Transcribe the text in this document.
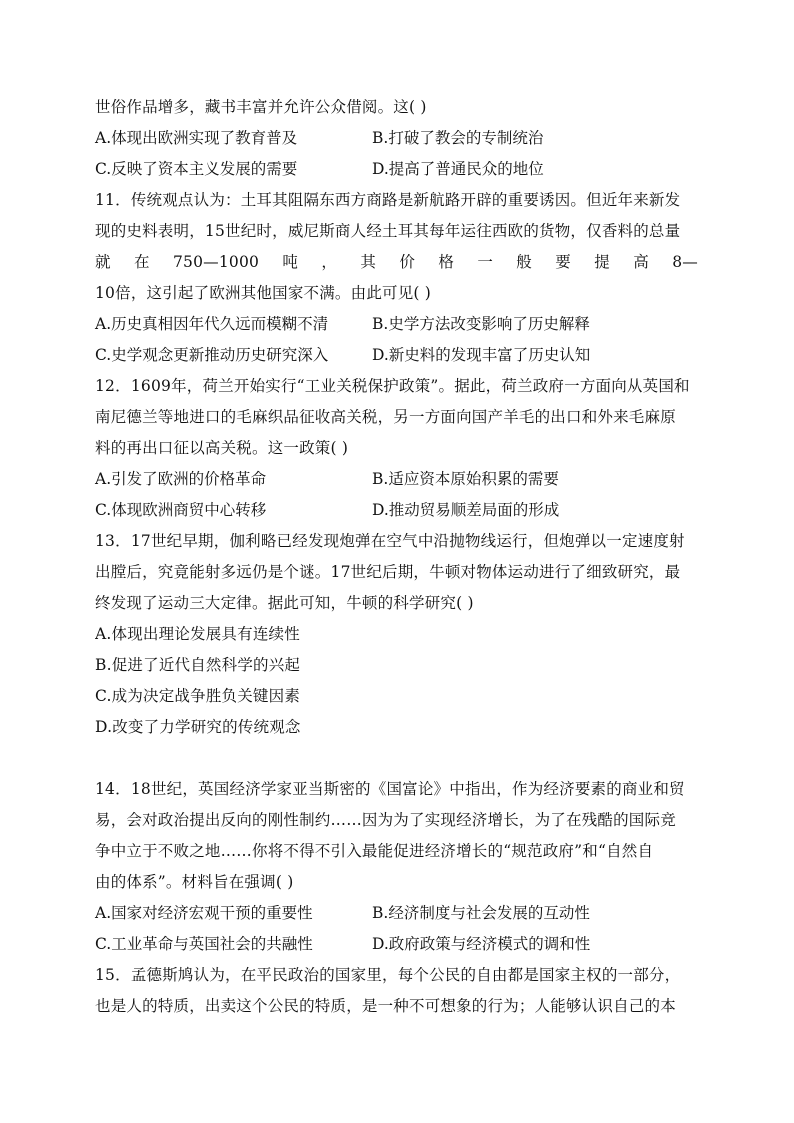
世俗作品增多，藏书丰富并允许公众借阅。这( )
A.体现出欧洲实现了教育普及	B.打破了教会的专制统治
C.反映了资本主义发展的需要	D.提高了普通民众的地位
11．传统观点认为：土耳其阻隔东西方商路是新航路开辟的重要诱因。但近年来新发
现的史料表明，15世纪时，威尼斯商人经土耳其每年运往西欧的货物，仅香料的总量
就 在 750—1000 吨 ， 其 价 格 一 般 要 提 高 8—
10倍，这引起了欧洲其他国家不满。由此可见( )
A.历史真相因年代久远而模糊不清	B.史学方法改变影响了历史解释
C.史学观念更新推动历史研究深入	D.新史料的发现丰富了历史认知
12．1609年，荷兰开始实行“工业关税保护政策”。据此，荷兰政府一方面向从英国和
南尼德兰等地进口的毛麻织品征收高关税，另一方面向国产羊毛的出口和外来毛麻原
料的再出口征以高关税。这一政策( )
A.引发了欧洲的价格革命	B.适应资本原始积累的需要
C.体现欧洲商贸中心转移	D.推动贸易顺差局面的形成
13．17世纪早期，伽利略已经发现炮弹在空气中沿抛物线运行，但炮弹以一定速度射
出膛后，究竟能射多远仍是个谜。17世纪后期，牛顿对物体运动进行了细致研究，最
终发现了运动三大定律。据此可知，牛顿的科学研究( )
A.体现出理论发展具有连续性
B.促进了近代自然科学的兴起
C.成为决定战争胜负关键因素
D.改变了力学研究的传统观念
14．18世纪，英国经济学家亚当斯密的《国富论》中指出，作为经济要素的商业和贸
易，会对政治提出反向的刚性制约……因为为了实现经济增长，为了在残酷的国际竞
争中立于不败之地……你将不得不引入最能促进经济增长的“规范政府”和“自然自
由的体系”。材料旨在强调( )
A.国家对经济宏观干预的重要性	B.经济制度与社会发展的互动性
C.工业革命与英国社会的共融性	D.政府政策与经济模式的调和性
15．孟德斯鸠认为，在平民政治的国家里，每个公民的自由都是国家主权的一部分，
也是人的特质，出卖这个公民的特质，是一种不可想象的行为；人能够认识自己的本
